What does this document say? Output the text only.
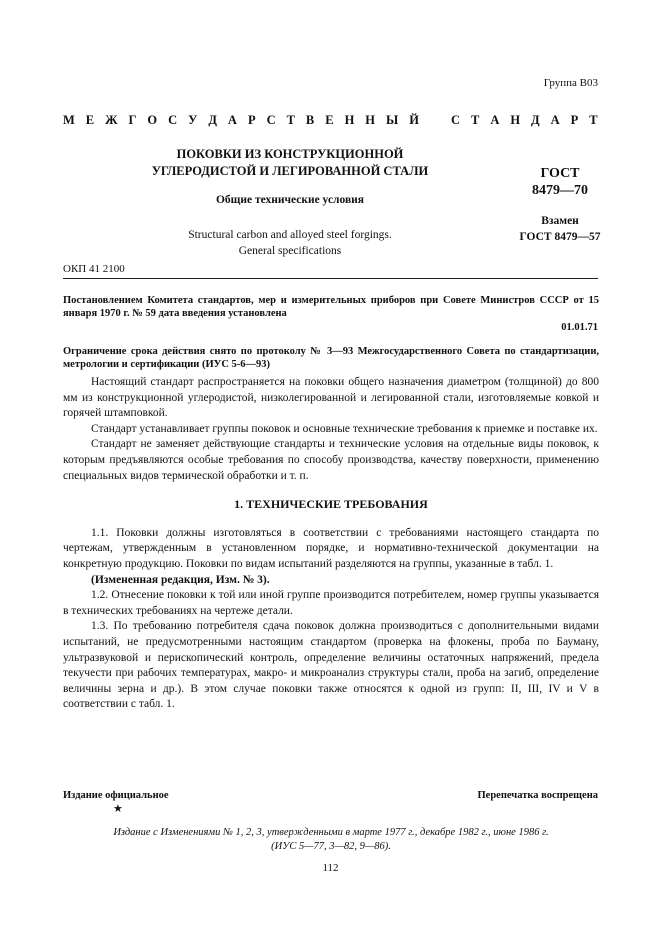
Группа В03
М Е Ж Г О С У Д А Р С Т В Е Н Н Ы Й	С Т А Н Д А Р Т
ПОКОВКИ ИЗ КОНСТРУКЦИОННОЙ
УГЛЕРОДИСТОЙ И ЛЕГИРОВАННОЙ СТАЛИ	ГОСТ
8479—70
Общие технические условия
Взамен
ГОСТ 8479—57
Structural carbon and alloyed steel forgings.
General specifications
ОКП 41 2100
Постановлением Комитета стандартов, мер и измерительных приборов при Совете Министров СССР от 15 января 1970 г. № 59 дата введения установлена
01.01.71
Ограничение срока действия снято по протоколу № 3—93 Межгосударственного Совета по стандартизации, метрологии и сертификации (ИУС 5-6—93)

Настоящий стандарт распространяется на поковки общего назначения диаметром (толщиной) до 800 мм из конструкционной углеродистой, низколегированной и легированной стали, изготовляемые ковкой и горячей штамповкой.

Стандарт устанавливает группы поковок и основные технические требования к приемке и поставке их.

Стандарт не заменяет действующие стандарты и технические условия на отдельные виды поковок, к которым предъявляются особые требования по способу производства, качеству поверхности, применению специальных видов термической обработки и т. п.

1. ТЕХНИЧЕСКИЕ ТРЕБОВАНИЯ

1.1. Поковки должны изготовляться в соответствии с требованиями настоящего стандарта по чертежам, утвержденным в установленном порядке, и нормативно-технической документации на конкретную продукцию. Поковки по видам испытаний разделяются на группы, указанные в табл. 1.

(Измененная редакция, Изм. № 3).

1.2. Отнесение поковки к той или иной группе производится потребителем, номер группы указывается в технических требованиях на чертеже детали.

1.3. По требованию потребителя сдача поковок должна производиться с дополнительными видами испытаний, не предусмотренными настоящим стандартом (проверка на флокены, проба по Бауману, ультразвуковой и перископический контроль, определение величины остаточных напряжений, предела текучести при рабочих температурах, макро- и микроанализ структуры стали, проба на загиб, определение величины зерна и др.). В этом случае поковки также относятся к одной из групп: II, III, IV и V в соответствии с табл. 1.

Издание официальное
★
Перепечатка воспрещена
Издание с Изменениями № 1, 2, 3, утвержденными в марте 1977 г., декабре 1982 г., июне 1986 г.
(ИУС 5—77, 3—82, 9—86).
112
